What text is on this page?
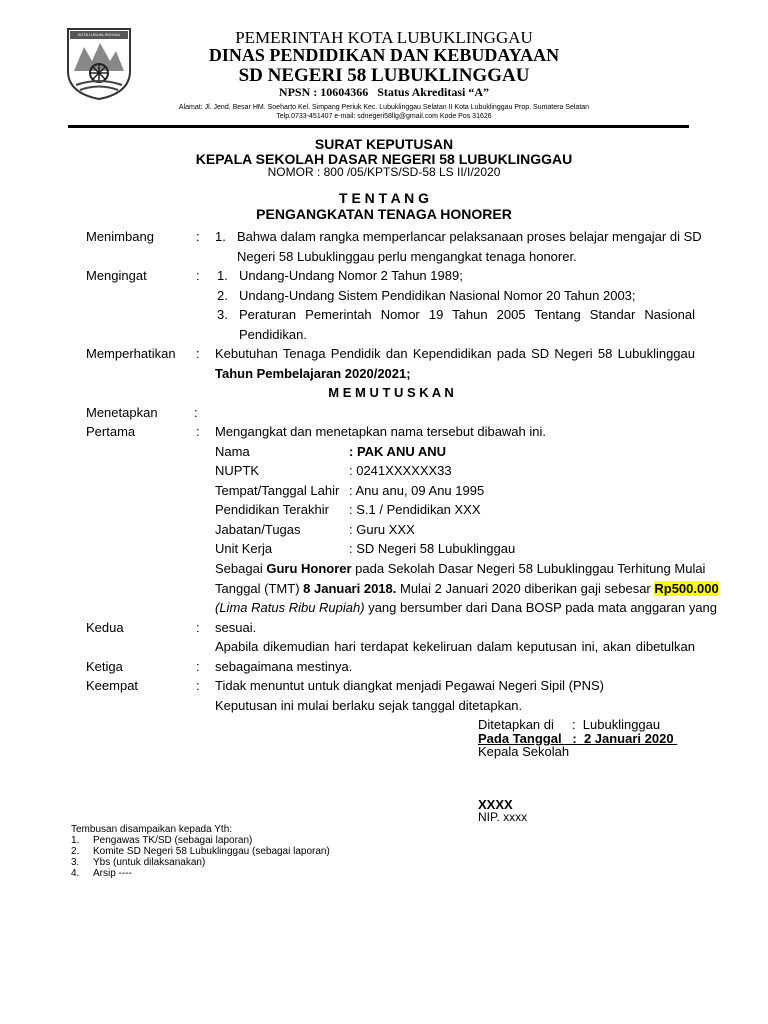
KOTA LUBUKLINGGAU	PEMERINTAH KOTA LUBUKLINGGAU
DINAS PENDIDIKAN DAN KEBUDAYAAN
SD NEGERI 58 LUBUKLINGGAU
NPSN : 10604366   Status Akreditasi “A”
Alamat: Jl. Jend. Besar HM. Soeharto Kel. Simpang Periuk Kec. Lubuklinggau Selatan II Kota Lubuklinggau Prop. Sumatera Selatan
Telp.0733-451407 e-mail: sdnegeri58llg@gmail.com Kode Pos 31626
SURAT KEPUTUSAN
KEPALA SEKOLAH DASAR NEGERI 58 LUBUKLINGGAU
NOMOR : 800 /05/KPTS/SD-58 LS II/I/2020
T E N T A N G
PENGANGKATAN TENAGA HONORER
Menimbang	: 1. Bahwa dalam rangka memperlancar pelaksanaan proses belajar mengajar di SD
Negeri 58 Lubuklinggau perlu mengangkat tenaga honorer.
Mengingat	: 1. Undang-Undang Nomor 2 Tahun 1989;
2. Undang-Undang Sistem Pendidikan Nasional Nomor 20 Tahun 2003;
3. Peraturan Pemerintah Nomor 19 Tahun 2005 Tentang Standar Nasional
Pendidikan.
Memperhatikan : Kebutuhan Tenaga Pendidik dan Kependidikan pada SD Negeri 58 Lubuklinggau
Tahun Pembelajaran 2020/2021;
M E M U T U S K A N
Menetapkan	:
Pertama	: Mengangkat dan menetapkan nama tersebut dibawah ini.
Nama	: PAK ANU ANU
NUPTK	: 0241XXXXXX33
Tempat/Tanggal Lahir : Anu anu, 09 Anu 1995
Pendidikan Terakhir : S.1 / Pendidikan XXX
Jabatan/Tugas	: Guru XXX
Unit Kerja	: SD Negeri 58 Lubuklinggau
Sebagai Guru Honorer pada Sekolah Dasar Negeri 58 Lubuklinggau Terhitung Mulai
Tanggal (TMT) 8 Januari 2018. Mulai 2 Januari 2020 diberikan gaji sebesar Rp500.000
(Lima Ratus Ribu Rupiah) yang bersumber dari Dana BOSP pada mata anggaran yang
Kedua	: sesuai.
Apabila dikemudian hari terdapat kekeliruan dalam keputusan ini, akan dibetulkan
Ketiga	: sebagaimana mestinya.
Keempat	: Tidak menuntut untuk diangkat menjadi Pegawai Negeri Sipil (PNS)
Keputusan ini mulai berlaku sejak tanggal ditetapkan.
Ditetapkan di     :  Lubuklinggau
Pada Tanggal   :  2 Januari 2020
Kepala Sekolah
XXXX
NIP. xxxx
Tembusan disampaikan kepada Yth:
1. Pengawas TK/SD (sebagai laporan)
2. Komite SD Negeri 58 Lubuklinggau (sebagai laporan)
3. Ybs (untuk dilaksanakan)
4. Arsip ----
